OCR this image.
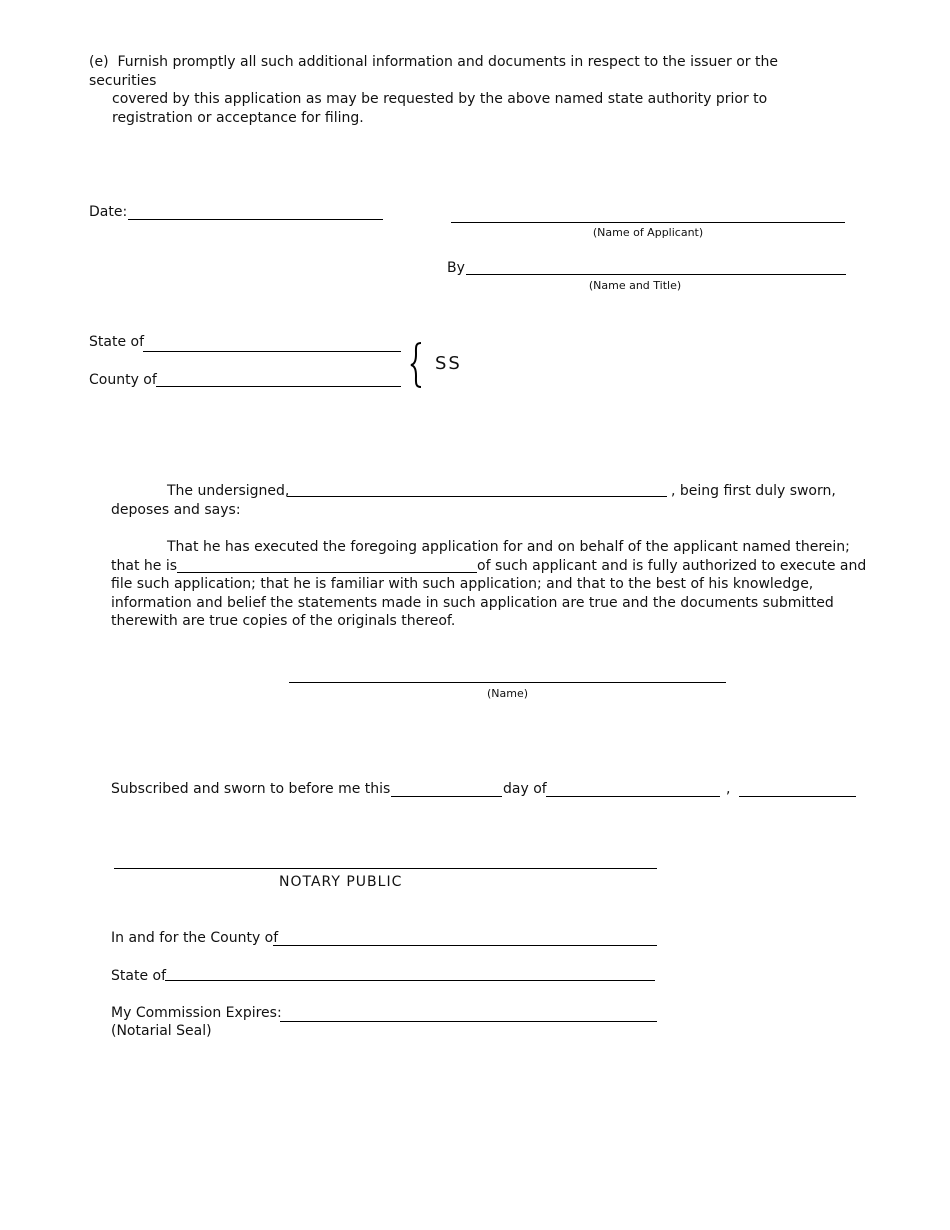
(e) Furnish promptly all such additional information and documents in respect to the issuer or the securities
covered by this application as may be requested by the above named state authority prior to registration or acceptance for filing.
Date:
(Name of Applicant)
By
(Name and Title)
State of
County of
SS
The undersigned,	, being first duly sworn,
deposes and says:
That he has executed the foregoing application for and on behalf of the applicant named therein; that he is	of such applicant and is fully authorized to execute and file such application; that he is familiar with such application; and that to the best of his knowledge, information and belief the statements made in such application are true and the documents submitted therewith are true copies of the originals thereof.
(Name)
Subscribed and sworn to before me this	day of	,
NOTARY PUBLIC
In and for the County of
State of
My Commission Expires:
(Notarial Seal)
